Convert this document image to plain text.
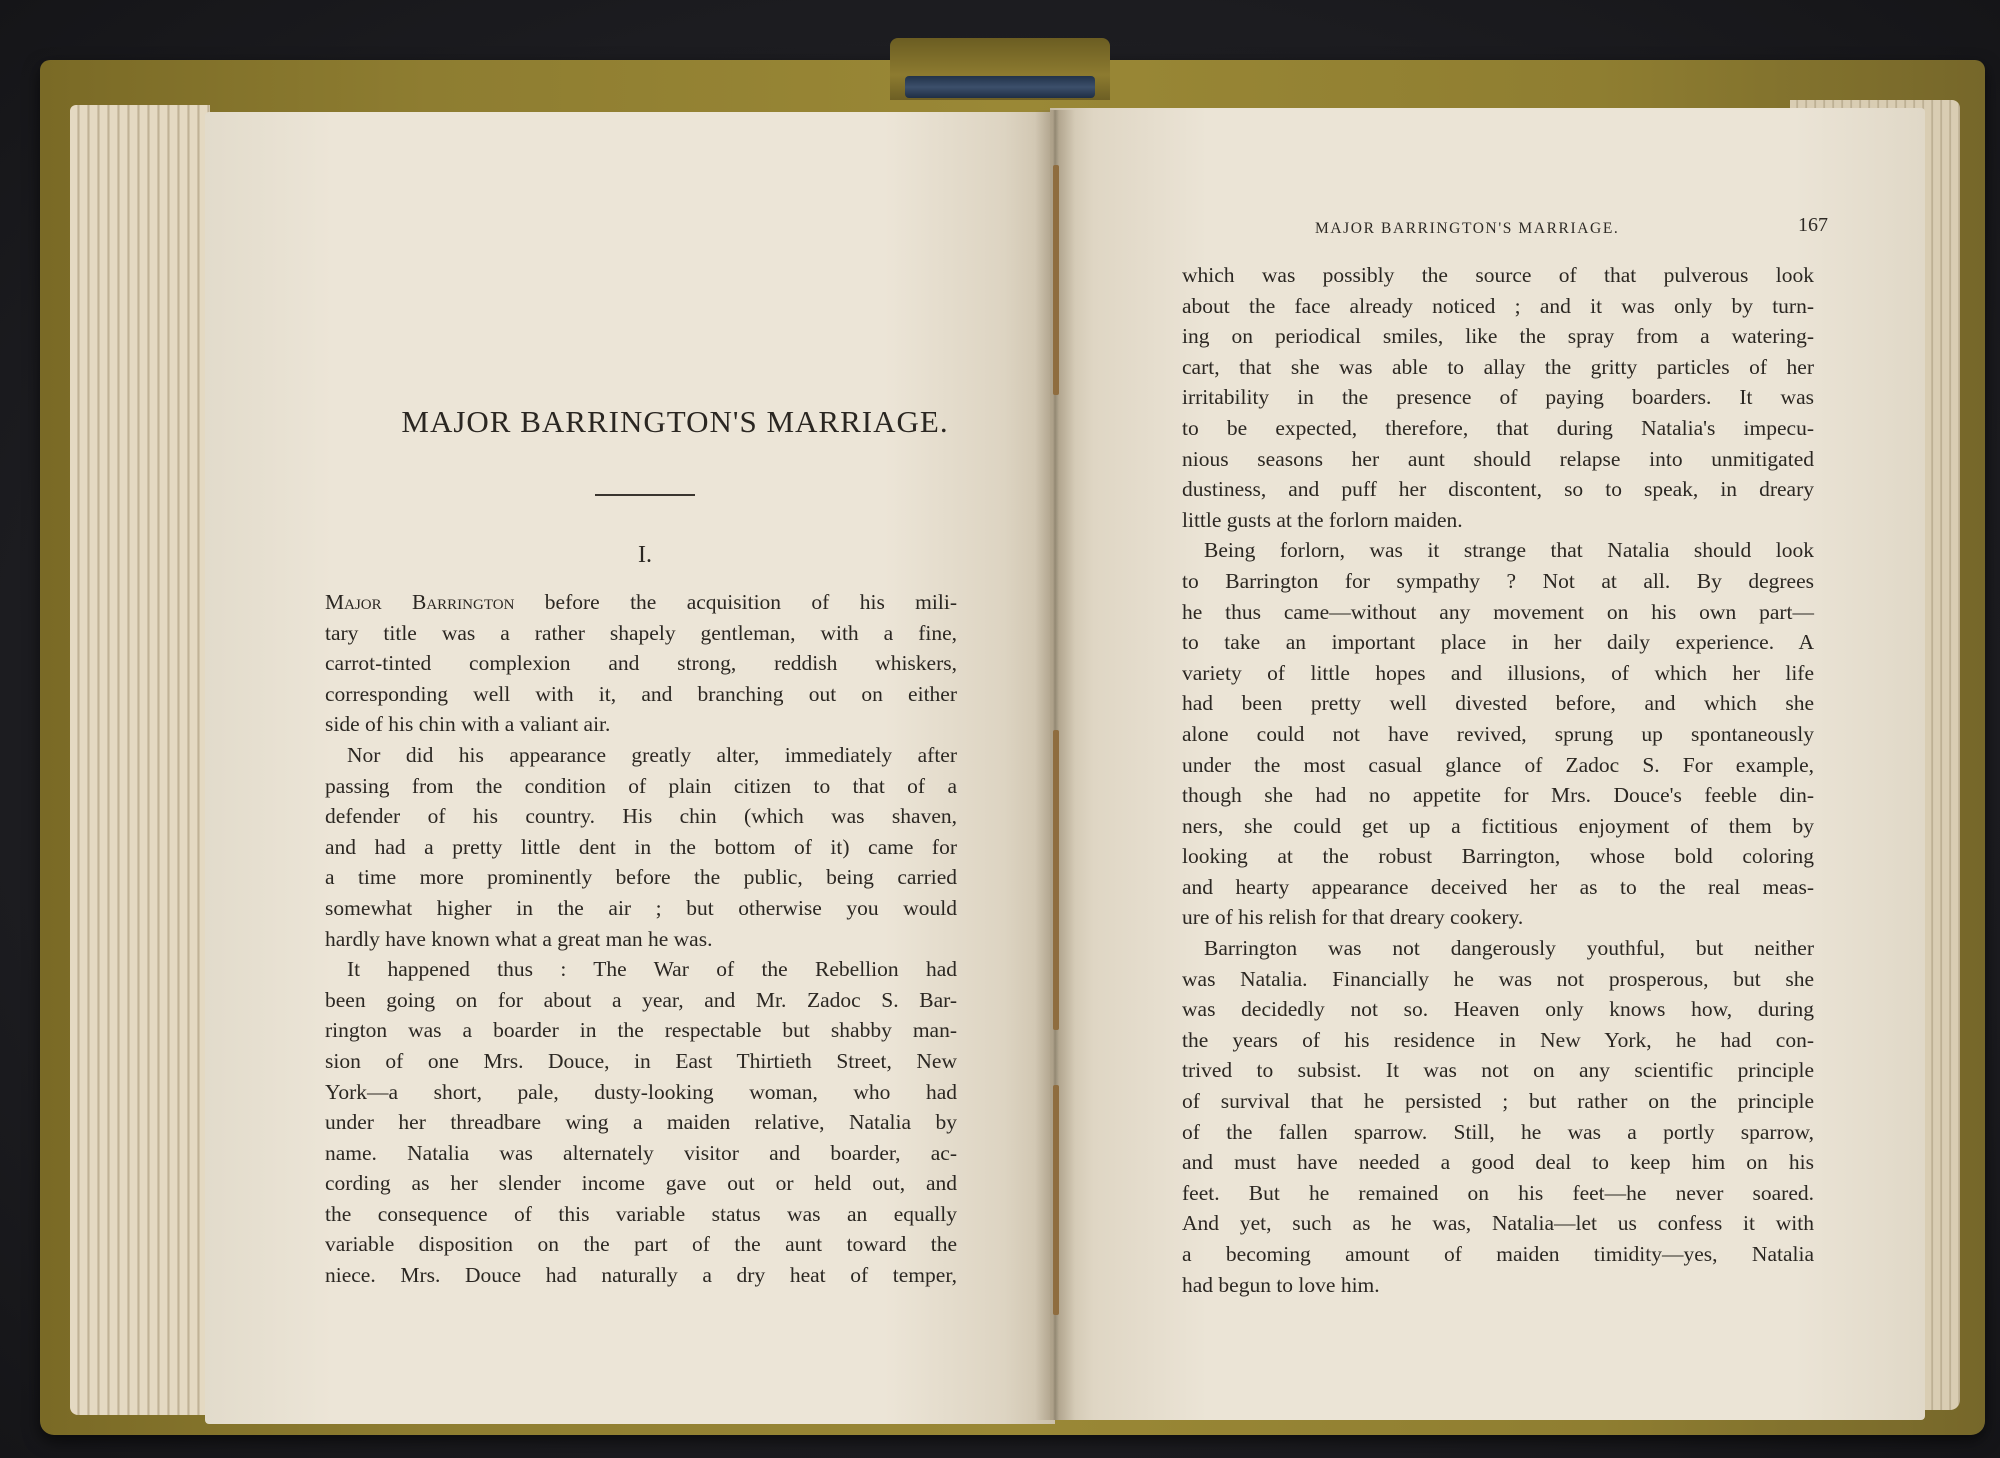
MAJOR BARRINGTON'S MARRIAGE.
I.
Major Barrington before the acquisition of his mili-
tary title was a rather shapely gentleman, with a fine,
carrot-tinted complexion and strong, reddish whiskers,
corresponding well with it, and branching out on either
side of his chin with a valiant air.
Nor did his appearance greatly alter, immediately after
passing from the condition of plain citizen to that of a
defender of his country. His chin (which was shaven,
and had a pretty little dent in the bottom of it) came for
a time more prominently before the public, being carried
somewhat higher in the air ; but otherwise you would
hardly have known what a great man he was.
It happened thus : The War of the Rebellion had
been going on for about a year, and Mr. Zadoc S. Bar-
rington was a boarder in the respectable but shabby man-
sion of one Mrs. Douce, in East Thirtieth Street, New
York—a short, pale, dusty-looking woman, who had
under her threadbare wing a maiden relative, Natalia by
name. Natalia was alternately visitor and boarder, ac-
cording as her slender income gave out or held out, and
the consequence of this variable status was an equally
variable disposition on the part of the aunt toward the
niece. Mrs. Douce had naturally a dry heat of temper,
MAJOR BARRINGTON'S MARRIAGE.	167
which was possibly the source of that pulverous look
about the face already noticed ; and it was only by turn-
ing on periodical smiles, like the spray from a watering-
cart, that she was able to allay the gritty particles of her
irritability in the presence of paying boarders. It was
to be expected, therefore, that during Natalia's impecu-
nious seasons her aunt should relapse into unmitigated
dustiness, and puff her discontent, so to speak, in dreary
little gusts at the forlorn maiden.
Being forlorn, was it strange that Natalia should look
to Barrington for sympathy ? Not at all. By degrees
he thus came—without any movement on his own part—
to take an important place in her daily experience. A
variety of little hopes and illusions, of which her life
had been pretty well divested before, and which she
alone could not have revived, sprung up spontaneously
under the most casual glance of Zadoc S. For example,
though she had no appetite for Mrs. Douce's feeble din-
ners, she could get up a fictitious enjoyment of them by
looking at the robust Barrington, whose bold coloring
and hearty appearance deceived her as to the real meas-
ure of his relish for that dreary cookery.
Barrington was not dangerously youthful, but neither
was Natalia. Financially he was not prosperous, but she
was decidedly not so. Heaven only knows how, during
the years of his residence in New York, he had con-
trived to subsist. It was not on any scientific principle
of survival that he persisted ; but rather on the principle
of the fallen sparrow. Still, he was a portly sparrow,
and must have needed a good deal to keep him on his
feet. But he remained on his feet—he never soared.
And yet, such as he was, Natalia—let us confess it with
a becoming amount of maiden timidity—yes, Natalia
had begun to love him.
